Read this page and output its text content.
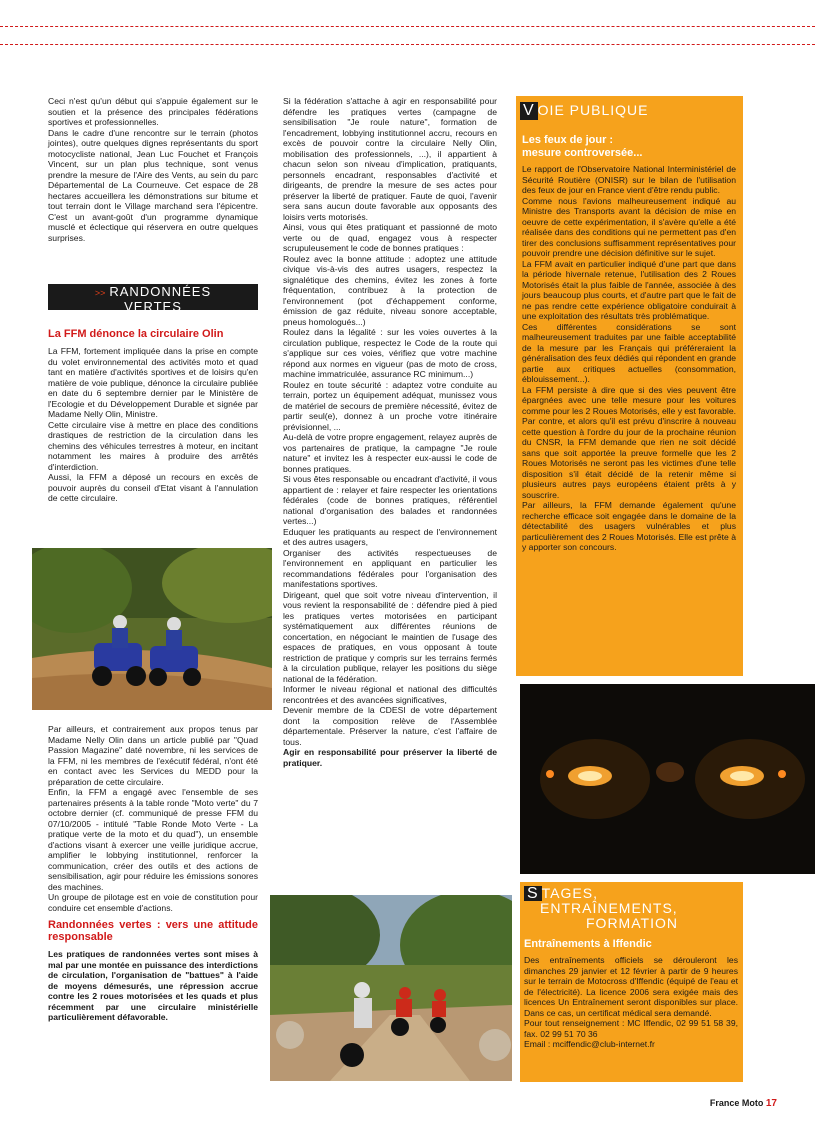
Ceci n'est qu'un début qui s'appuie également sur le soutien et la présence des principales fédérations sportives et professionnelles.

Dans le cadre d'une rencontre sur le terrain (photos jointes), outre quelques dignes représentants du sport motocycliste national, Jean Luc Fouchet et François Vincent, sur un plan plus technique, sont venus prendre la mesure de l'Aire des Vents, au sein du parc Départemental de La Courneuve. Cet espace de 28 hectares accueillera les démonstrations sur bitume et tout terrain dont le Village marchand sera l'épicentre. C'est un avant-goût d'un programme dynamique musclé et éclectique qui réservera en outre quelques surprises.

>> RANDONNÉES
VERTES
La FFM dénonce la circulaire Olin

La FFM, fortement impliquée dans la prise en compte du volet environnemental des activités moto et quad tant en matière d'activités sportives et de loisirs qu'en matière de voie publique, dénonce la circulaire publiée en date du 6 septembre dernier par le Ministère de l'Ecologie et du Développement Durable et signée par Madame Nelly Olin, Ministre.

Cette circulaire vise à mettre en place des conditions drastiques de restriction de la circulation dans les chemins des véhicules terrestres à moteur, en incitant notamment les maires à produire des arrêtés d'interdiction.

Aussi, la FFM a déposé un recours en excès de pouvoir auprès du conseil d'Etat visant à l'annulation de cette circulaire.

Par ailleurs, et contrairement aux propos tenus par Madame Nelly Olin dans un article publié par "Quad Passion Magazine" daté novembre, ni les services de la FFM, ni les membres de l'exécutif fédéral, n'ont été en contact avec les Services du MEDD pour la préparation de cette circulaire.

Enfin, la FFM a engagé avec l'ensemble de ses partenaires présents à la table ronde "Moto verte" du 7 octobre dernier (cf. communiqué de presse FFM du 07/10/2005 - intitulé "Table Ronde Moto Verte - La pratique verte de la moto et du quad"), un ensemble d'actions visant à exercer une veille juridique accrue, amplifier le lobbying institutionnel, renforcer la communication, créer des outils et des actions de sensibilisation, agir pour réduire les émissions sonores des machines.

Un groupe de pilotage est en voie de constitution pour conduire cet ensemble d'actions.

Randonnées vertes : vers une attitude responsable

Les pratiques de randonnées vertes sont mises à mal par une montée en puissance des interdictions de circulation, l'organisation de "battues" à l'aide de moyens démesurés, une répression accrue contre les 2 roues motorisées et les quads et plus récemment par une circulaire ministérielle particulièrement défavorable.

Si la fédération s'attache à agir en responsabilité pour défendre les pratiques vertes (campagne de sensibilisation "Je roule nature", formation de l'encadrement, lobbying institutionnel accru, recours en excès de pouvoir contre la circulaire Nelly Olin, mobilisation des professionnels, ...), il appartient à chacun selon son niveau d'implication, pratiquants, personnels encadrant, responsables d'activité et dirigeants, de prendre la mesure de ses actes pour préserver la liberté de pratiquer. Faute de quoi, l'avenir sera sans aucun doute favorable aux opposants des loisirs verts motorisés.

Ainsi, vous qui êtes pratiquant et passionné de moto verte ou de quad, engagez vous à respecter scrupuleusement le code de bonnes pratiques :

Roulez avec la bonne attitude : adoptez une attitude civique vis-à-vis des autres usagers, respectez la signalétique des chemins, évitez les zones à forte fréquentation, contribuez à la protection de l'environnement (pot d'échappement conforme, émission de gaz réduite, niveau sonore acceptable, pneus homologués...)

Roulez dans la légalité : sur les voies ouvertes à la circulation publique, respectez le Code de la route qui s'applique sur ces voies, vérifiez que votre machine répond aux normes en vigueur (pas de moto de cross, machine immatriculée, assurance RC minimum...)

Roulez en toute sécurité : adaptez votre conduite au terrain, portez un équipement adéquat, munissez vous de matériel de secours de première nécessité, évitez de partir seul(e), donnez à un proche votre itinéraire prévisionnel, ...

Au-delà de votre propre engagement, relayez auprès de vos partenaires de pratique, la campagne "Je roule nature" et invitez les à respecter eux-aussi le code de bonnes pratiques.

Si vous êtes responsable ou encadrant d'activité, il vous appartient de : relayer et faire respecter les orientations fédérales (code de bonnes pratiques, référentiel national d'organisation des balades et randonnées vertes...)

Eduquer les pratiquants au respect de l'environnement et des autres usagers,

Organiser des activités respectueuses de l'environnement en appliquant en particulier les recommandations fédérales pour l'organisation des manifestations sportives.

Dirigeant, quel que soit votre niveau d'intervention, il vous revient la responsabilité de : défendre pied à pied les pratiques vertes motorisées en participant systématiquement aux différentes réunions de concertation, en négociant le maintien de l'usage des espaces de pratiques, en vous opposant à toute restriction de pratique y compris sur les terrains fermés à la circulation publique, relayer les positions du siège national de la fédération.

Informer le niveau régional et national des difficultés rencontrées et des avancées significatives,

Devenir membre de la CDESI de votre département dont la composition relève de l'Assemblée départementale. Préserver la nature, c'est l'affaire de tous.

Agir en responsabilité pour préserver la liberté de pratiquer.

V OIE PUBLIQUE
Les feux de jour :
mesure controversée...

Le rapport de l'Observatoire National Interministériel de Sécurité Routière (ONISR) sur le bilan de l'utilisation des feux de jour en France vient d'être rendu public.

Comme nous l'avions malheureusement indiqué au Ministre des Transports avant la décision de mise en oeuvre de cette expérimentation, il s'avère qu'elle a été réalisée dans des conditions qui ne permettent pas d'en tirer des conclusions suffisamment représentatives pour pouvoir prendre une décision définitive sur le sujet.

La FFM avait en particulier indiqué d'une part que dans la période hivernale retenue, l'utilisation des 2 Roues Motorisés était la plus faible de l'année, associée à des jours beaucoup plus courts, et d'autre part que le fait de ne pas rendre cette expérience obligatoire conduirait à une exploitation des résultats très problématique.

Ces différentes considérations se sont malheureusement traduites par une faible acceptabilité de la mesure par les Français qui préféreraient la généralisation des feux dédiés qui répondent en grande partie aux critiques actuelles (consommation, éblouissement...).

La FFM persiste à dire que si des vies peuvent être épargnées avec une telle mesure pour les voitures comme pour les 2 Roues Motorisés, elle y est favorable. Par contre, et alors qu'il est prévu d'inscrire à nouveau cette question à l'ordre du jour de la prochaine réunion du CNSR, la FFM demande que rien ne soit décidé sans que soit apportée la preuve formelle que les 2 Roues Motorisés ne seront pas les victimes d'une telle disposition s'il était décidé de la retenir même si plusieurs autres pays européens étaient prêts à y souscrire.

Par ailleurs, la FFM demande également qu'une recherche efficace soit engagée dans le domaine de la détectabilité des usagers vulnérables et plus particulièrement des 2 Roues Motorisés. Elle est prête à y apporter son concours.

S TAGES,
ENTRAÎNEMENTS,
FORMATION
Entraînements à Iffendic

Des entraînements officiels se dérouleront les dimanches 29 janvier et 12 février à partir de 9 heures sur le terrain de Motocross d'Iffendic (équipé de l'eau et de l'électricité). La licence 2006 sera exigée mais des licences Un Entraînement seront disponibles sur place. Dans ce cas, un certificat médical sera demandé.

Pour tout renseignement : MC Iffendic, 02 99 51 58 39, fax. 02 99 51 70 36

Email : mciffendic@club-internet.fr

France Moto 17
